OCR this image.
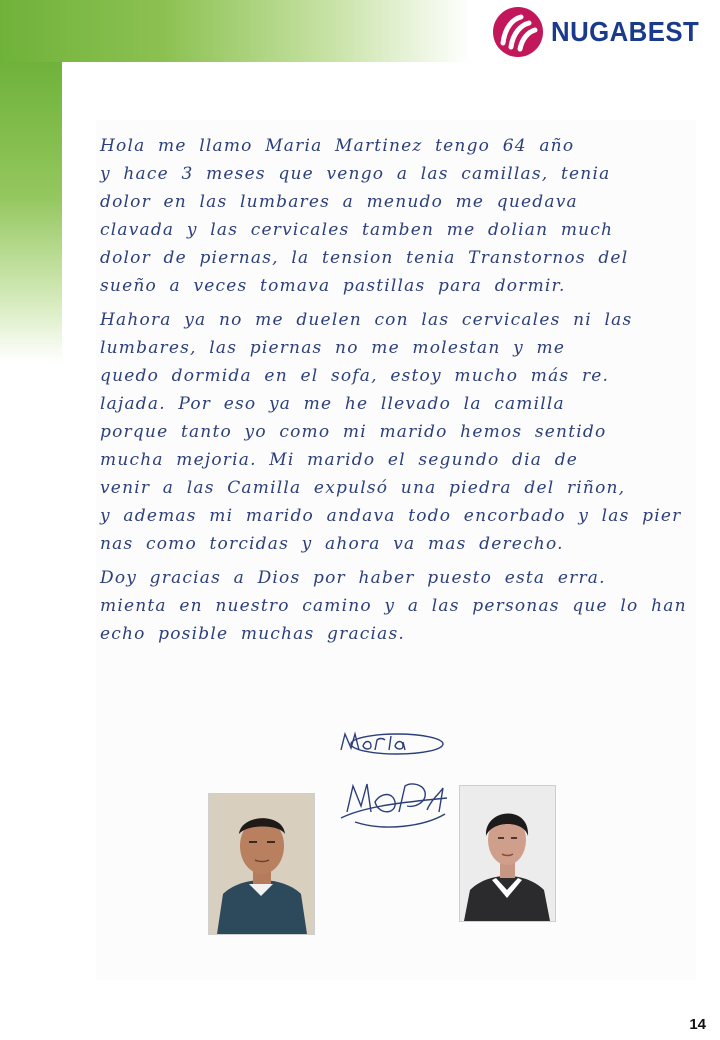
NUGABEST
Hola me llamo Maria Martinez tengo 64 año
y hace 3 meses que vengo a las camillas, tenia
dolor en las lumbares a menudo me quedava
clavada y las cervicales tamben me dolian much
dolor de piernas, la tension tenia Transtornos del
sueño a veces tomava pastillas para dormir.
Hahora ya no me duelen con las cervicales ni las
lumbares, las piernas no me molestan y me
quedo dormida en el sofa, estoy mucho más re.
lajada. Por eso ya me he llevado la camilla
porque tanto yo como mi marido hemos sentido
mucha mejoria. Mi marido el segundo dia de
venir a las Camilla expulsó una piedra del riñon,
y ademas mi marido andava todo encorbado y las pier
nas como torcidas y ahora va mas derecho.
Doy gracias a Dios por haber puesto esta erra.
mienta en nuestro camino y a las personas que lo han
echo posible muchas gracias.
14
